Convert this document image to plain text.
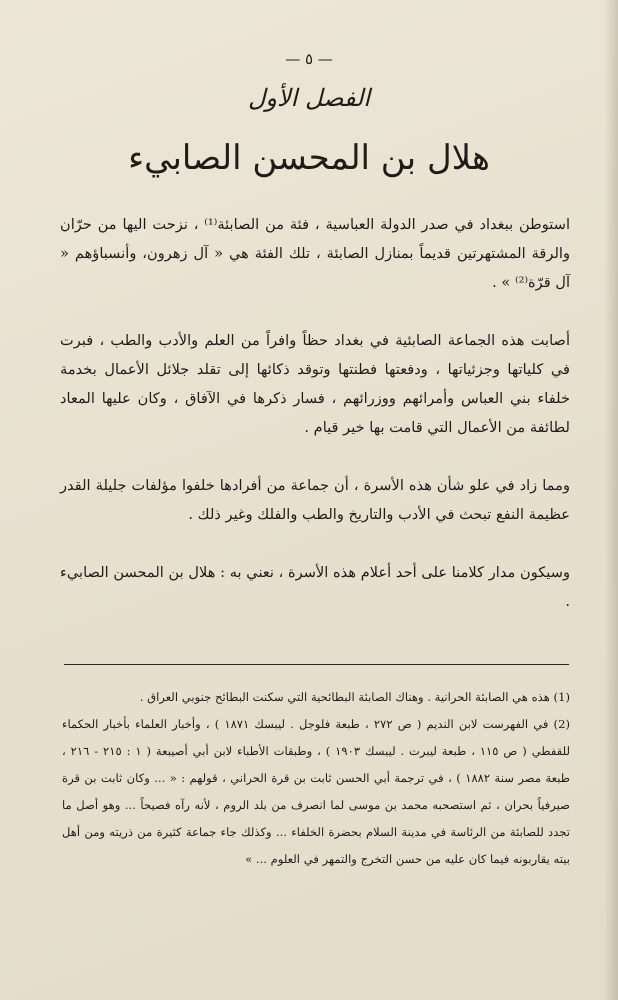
— ٥ —
الفصل الأول
هلال بن المحسن الصابيء

استوطن ببغداد في صدر الدولة العباسية ، فئة من الصابئة⁽¹⁾ ، نزحت اليها من حرّان والرقة المشتهرتين قديماً بمنازل الصابئة ، تلك الفئة هي « آل زهرون، وأنسباؤهم « آل قرّة⁽²⁾ » .

أصابت هذه الجماعة الصابئية في بغداد حظاً وافراً من العلم والأدب والطب ، فبرت في كلياتها وجزئياتها ، ودفعتها فطنتها وتوقد ذكائها إلى تقلد جلائل الأعمال بخدمة خلفاء بني العباس وأمرائهم ووزرائهم ، فسار ذكرها في الآفاق ، وكان عليها المعاد لطائفة من الأعمال التي قامت بها خير قيام .

ومما زاد في علو شأن هذه الأسرة ، أن جماعة من أفرادها خلفوا مؤلفات جليلة القدر عظيمة النفع تبحث في الأدب والتاريخ والطب والفلك وغير ذلك .

وسيكون مدار كلامنا على أحد أعلام هذه الأسرة ، نعني به : هلال بن المحسن الصابيء .

(1) هذه هي الصابئة الحرانية . وهناك الصابئة البطائحية التي سكنت البطائح جنوبي العراق .

(2) في الفهرست لابن النديم ( ص ٢٧٢ ، طبعة فلوجل . ليبسك ١٨٧١ ) ، وأخبار العلماء بأخبار الحكماء للقفطي ( ص ١١٥ ، طبعة ليبرت . ليبسك ١٩٠٣ ) ، وطبقات الأطباء لابن أبي أصيبعة ( ١ : ٢١٥ - ٢١٦ ، طبعة مصر سنة ١٨٨٢ ) ، في ترجمة أبي الحسن ثابت بن قرة الحراني ، قولهم : « ... وكان ثابت بن قرة صيرفياً بحران ، ثم استصحبه محمد بن موسى لما انصرف من بلد الروم ، لأنه رآه فصيحاً ... وهو أصل ما تجدد للصابئة من الرئاسة في مدينة السلام بحضرة الخلفاء ... وكذلك جاء جماعة كثيرة من ذريته ومن أهل بيته يقاربونه فيما كان عليه من حسن التخرج والتمهر في العلوم ... »
